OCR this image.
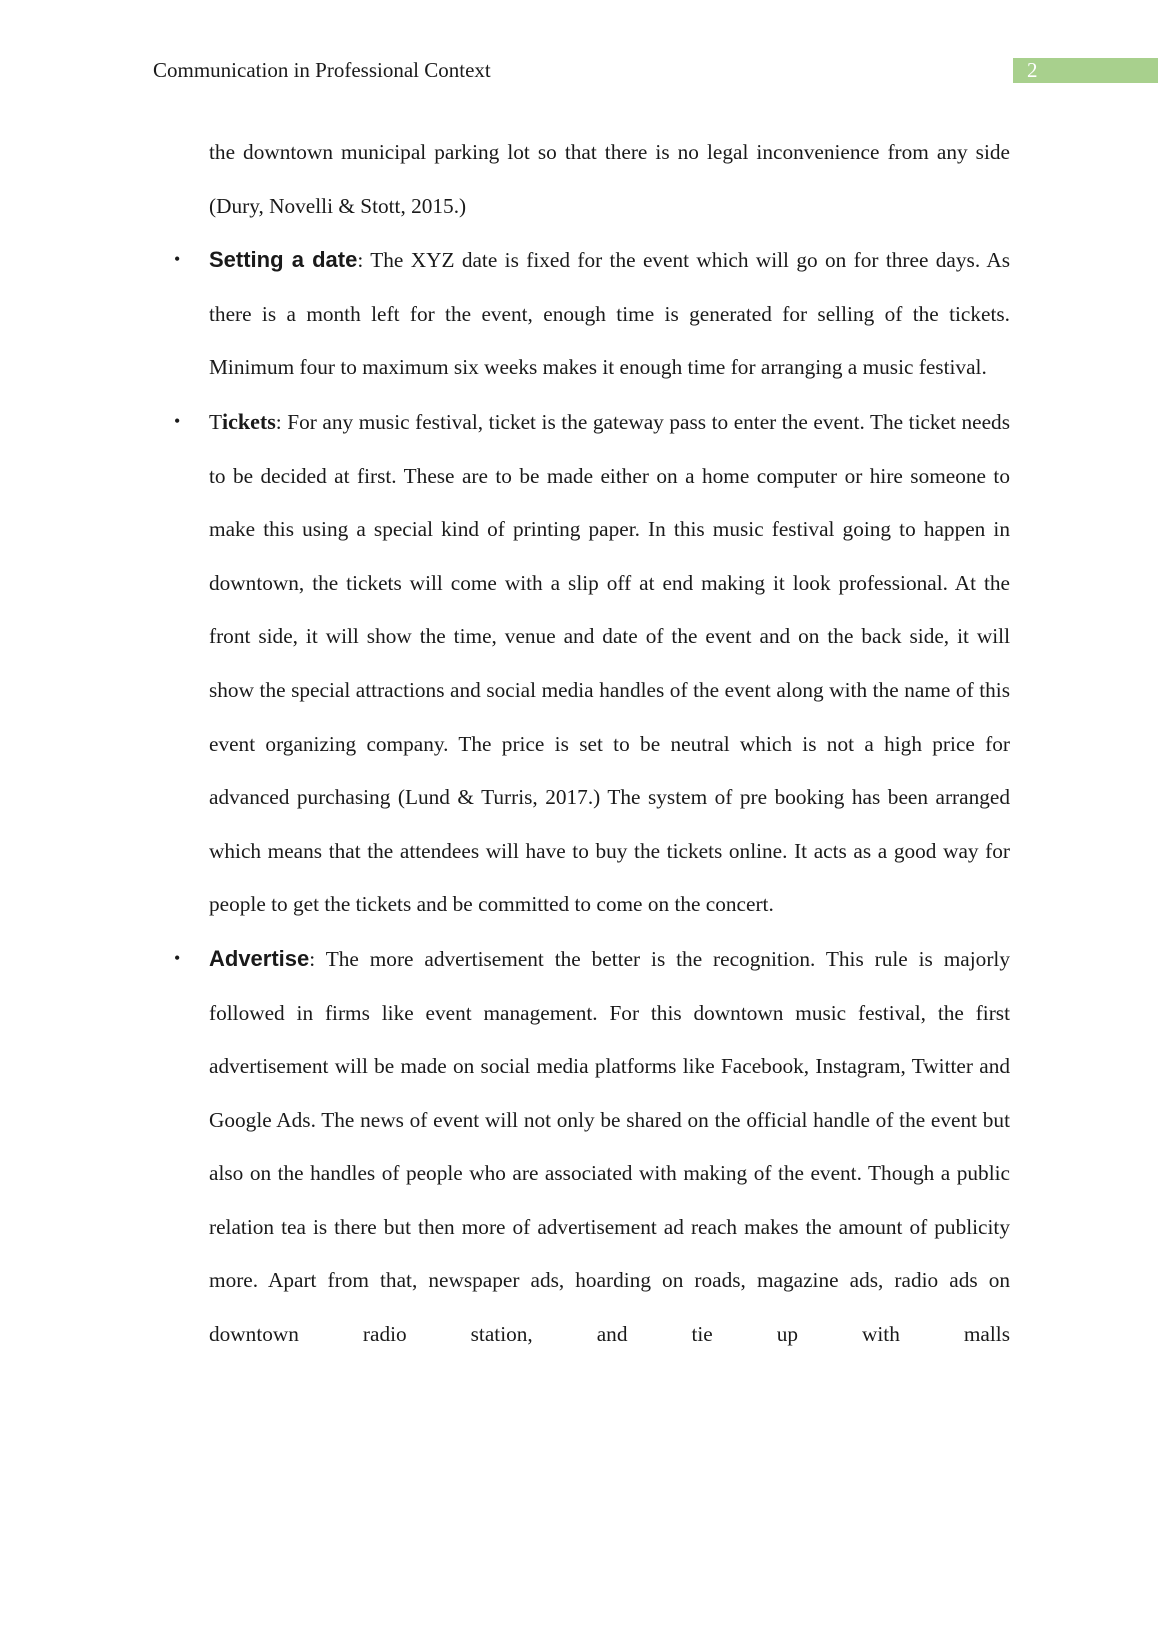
Communication in Professional Context	2

the downtown municipal parking lot so that there is no legal inconvenience from any side (Dury, Novelli & Stott, 2015.)

• Setting a date: The XYZ date is fixed for the event which will go on for three days. As there is a month left for the event, enough time is generated for selling of the tickets. Minimum four to maximum six weeks makes it enough time for arranging a music festival.

• Tickets: For any music festival, ticket is the gateway pass to enter the event. The ticket needs to be decided at first. These are to be made either on a home computer or hire someone to make this using a special kind of printing paper. In this music festival going to happen in downtown, the tickets will come with a slip off at end making it look professional. At the front side, it will show the time, venue and date of the event and on the back side, it will show the special attractions and social media handles of the event along with the name of this event organizing company. The price is set to be neutral which is not a high price for advanced purchasing (Lund & Turris, 2017.) The system of pre booking has been arranged which means that the attendees will have to buy the tickets online. It acts as a good way for people to get the tickets and be committed to come on the concert.

• Advertise: The more advertisement the better is the recognition. This rule is majorly followed in firms like event management. For this downtown music festival, the first advertisement will be made on social media platforms like Facebook, Instagram, Twitter and Google Ads. The news of event will not only be shared on the official handle of the event but also on the handles of people who are associated with making of the event. Though a public relation tea is there but then more of advertisement ad reach makes the amount of publicity more. Apart from that, newspaper ads, hoarding on roads, magazine ads, radio ads on downtown radio station, and tie up with malls
